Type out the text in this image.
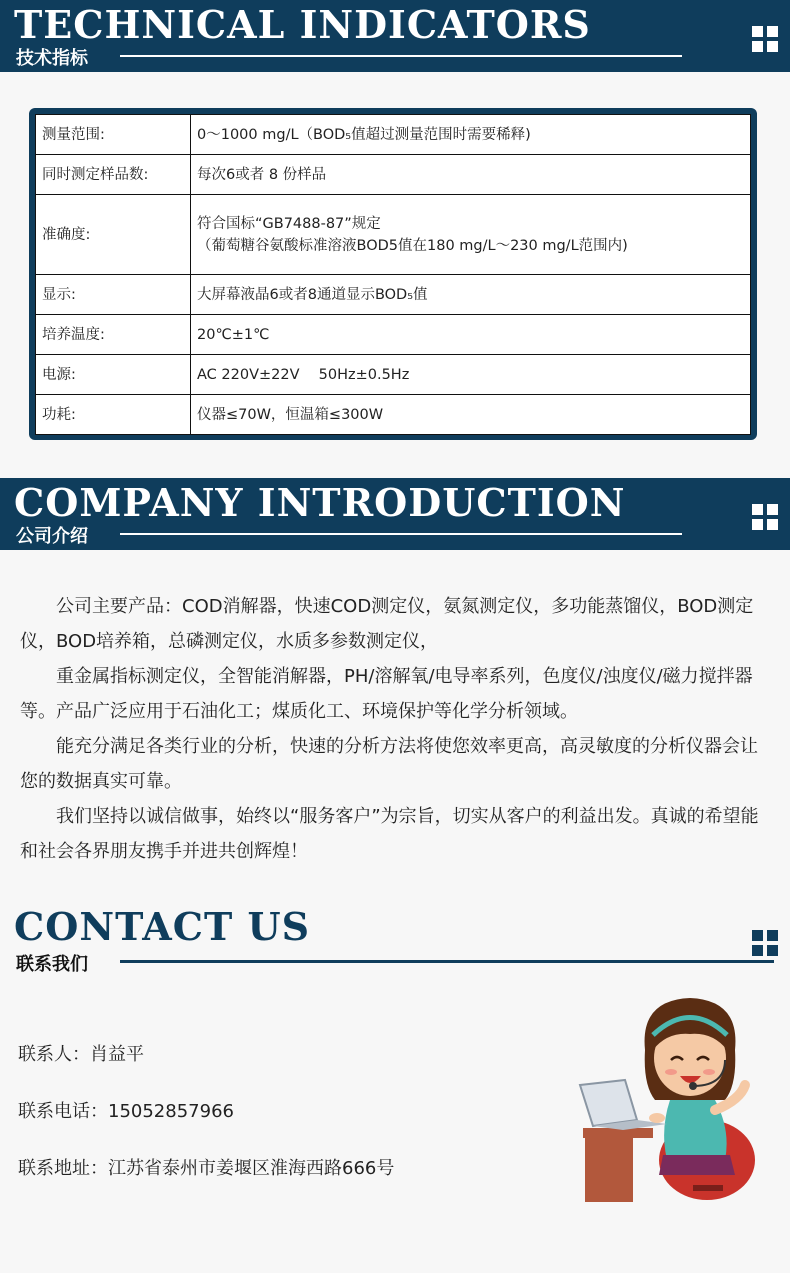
TECHNICAL INDICATORS
技术指标
测量范围:	0～1000 mg/L（BOD₅值超过测量范围时需要稀释)
同时测定样品数:	每次6或者 8 份样品
准确度:	符合国标“GB7488-87”规定
（葡萄糖谷氨酸标准溶液BOD5值在180 mg/L～230 mg/L范围内)

显示:	大屏幕液晶6或者8通道显示BOD₅值
培养温度:	20℃±1℃
电源:	AC 220V±22V　 50Hz±0.5Hz
功耗:	仪器≤70W，恒温箱≤300W
COMPANY INTRODUCTION
公司介绍

　　公司主要产品：COD消解器，快速COD测定仪，氨氮测定仪，多功能蒸馏仪，BOD测定仪，BOD培养箱，总磷测定仪，水质多参数测定仪，

　　重金属指标测定仪，全智能消解器，PH/溶解氧/电导率系列，色度仪/浊度仪/磁力搅拌器等。产品广泛应用于石油化工；煤质化工、环境保护等化学分析领域。

　　能充分满足各类行业的分析，快速的分析方法将使您效率更高，高灵敏度的分析仪器会让您的数据真实可靠。

　　我们坚持以诚信做事，始终以“服务客户”为宗旨，切实从客户的利益出发。真诚的希望能和社会各界朋友携手并进共创辉煌！

CONTACT US
联系我们
联系人：肖益平
联系电话：15052857966
联系地址：江苏省泰州市姜堰区淮海西路666号
